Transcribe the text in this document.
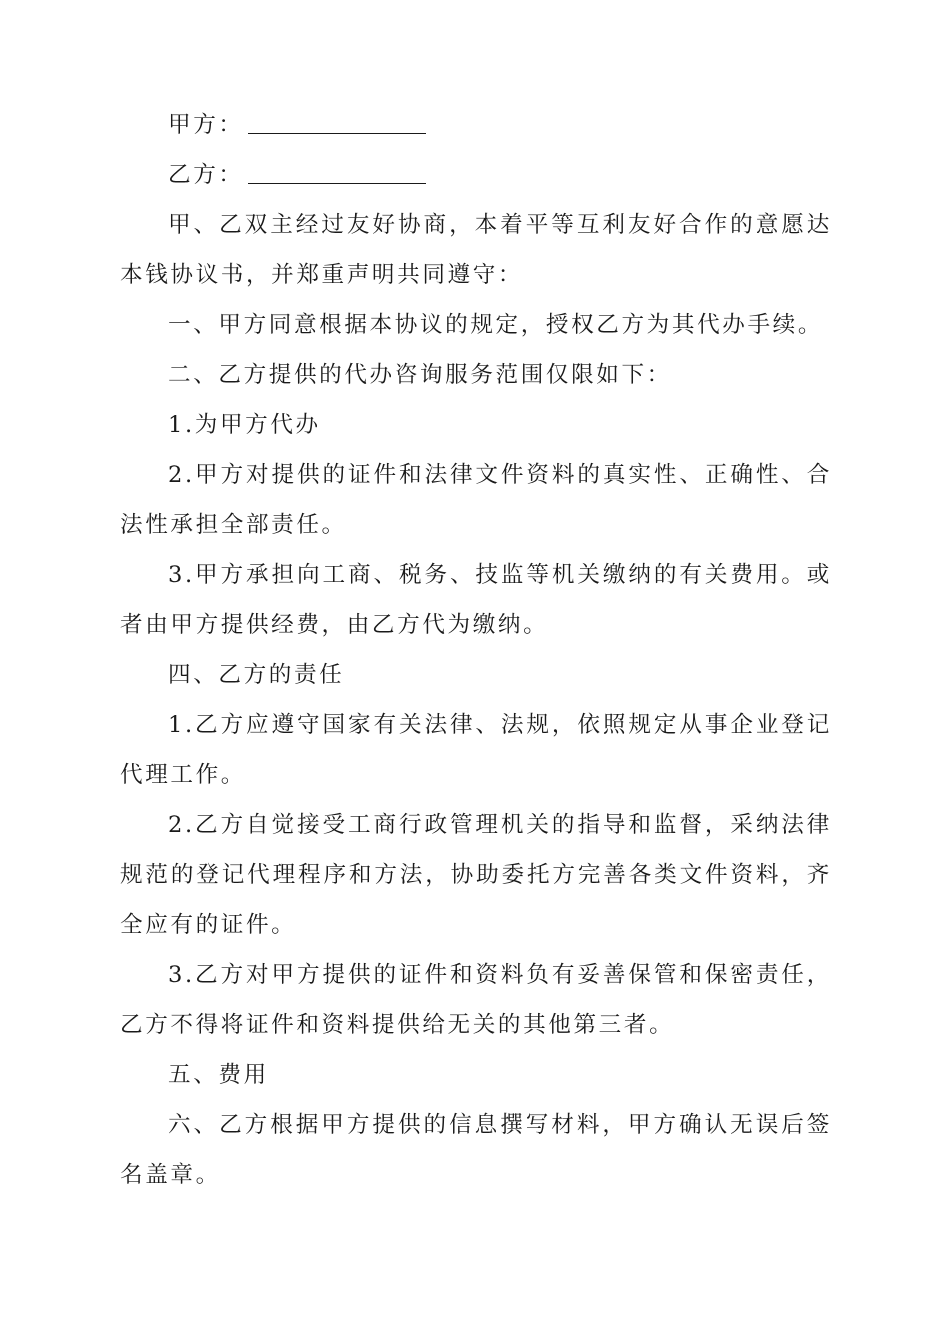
甲方：

乙方：

甲、乙双主经过友好协商，本着平等互利友好合作的意愿达本钱协议书，并郑重声明共同遵守：

一、甲方同意根据本协议的规定，授权乙方为其代办手续。

二、乙方提供的代办咨询服务范围仅限如下：

1.为甲方代办

2.甲方对提供的证件和法律文件资料的真实性、正确性、合法性承担全部责任。

3.甲方承担向工商、税务、技监等机关缴纳的有关费用。或者由甲方提供经费，由乙方代为缴纳。

四、乙方的责任

1.乙方应遵守国家有关法律、法规，依照规定从事企业登记代理工作。

2.乙方自觉接受工商行政管理机关的指导和监督，采纳法律规范的登记代理程序和方法，协助委托方完善各类文件资料，齐全应有的证件。

3.乙方对甲方提供的证件和资料负有妥善保管和保密责任，乙方不得将证件和资料提供给无关的其他第三者。

五、费用

六、乙方根据甲方提供的信息撰写材料，甲方确认无误后签名盖章。
